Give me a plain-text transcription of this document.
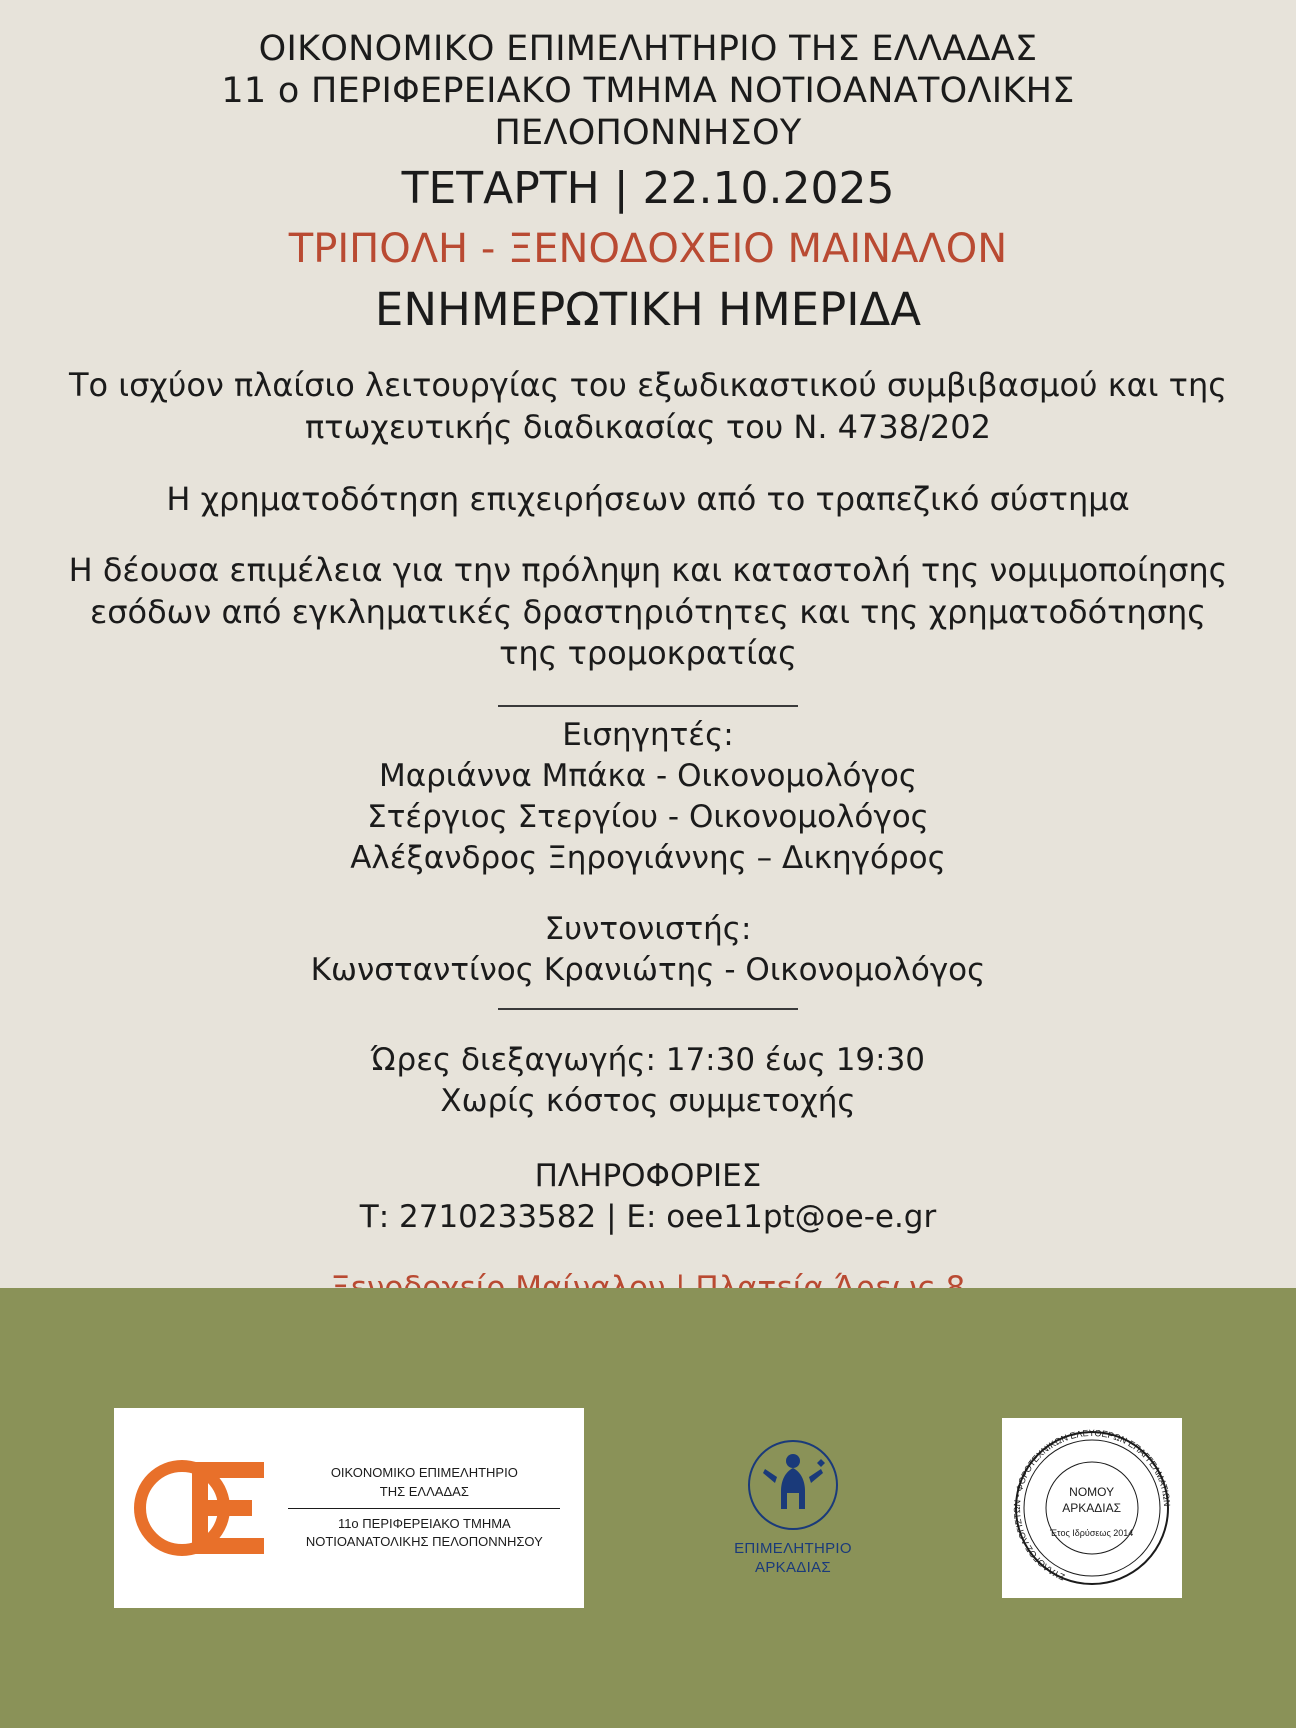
ΟΙΚΟΝΟΜΙΚΟ ΕΠΙΜΕΛΗΤΗΡΙΟ ΤΗΣ ΕΛΛΑΔΑΣ
11 ο ΠΕΡΙΦΕΡΕΙΑΚΟ ΤΜΗΜΑ ΝΟΤΙΟΑΝΑΤΟΛΙΚΗΣ ΠΕΛΟΠΟΝΝΗΣΟΥ
ΤΕΤΑΡΤΗ | 22.10.2025
ΤΡΙΠΟΛΗ - ΞΕΝΟΔΟΧΕΙΟ ΜΑΙΝΑΛΟΝ
ΕΝΗΜΕΡΩΤΙΚΗ ΗΜΕΡΙΔΑ
Το ισχύον πλαίσιο λειτουργίας του εξωδικαστικού συμβιβασμού και της πτωχευτικής διαδικασίας του Ν. 4738/202
Η χρηματοδότηση επιχειρήσεων από το τραπεζικό σύστημα
Η δέουσα επιμέλεια για την πρόληψη και καταστολή της νομιμοποίησης εσόδων από εγκληματικές δραστηριότητες και της χρηματοδότησης της τρομοκρατίας
Εισηγητές:
Μαριάννα Μπάκα - Οικονομολόγος
Στέργιος Στεργίου - Οικονομολόγος
Αλέξανδρος Ξηρογιάννης – Δικηγόρος
Συντονιστής:
Κωνσταντίνος Κρανιώτης - Οικονομολόγος
Ώρες διεξαγωγής: 17:30 έως 19:30
Χωρίς κόστος συμμετοχής
ΠΛΗΡΟΦΟΡΙΕΣ
Τ: 2710233582 | E: oee11pt@oe-e.gr
ΟΙΚΟΝΟΜΙΚΟ ΕΠΙΜΕΛΗΤΗΡΙΟ
ΤΗΣ ΕΛΛΑΔΑΣ
11ο ΠΕΡΙΦΕΡΕΙΑΚΟ ΤΜΗΜΑ
ΝΟΤΙΟΑΝΑΤΟΛΙΚΗΣ ΠΕΛΟΠΟΝΝΗΣΟΥ	ΕΠΙΜΕΛΗΤΗΡΙΟ
ΑΡΚΑΔΙΑΣ
ΣΥΛΛΟΓΟΣ ΛΟΓΙΣΤΩΝ - ΦΟΡΟΤΕΧΝΙΚΩΝ ΕΛΕΥΘΕΡΩΝ ΕΠΑΓΓΕΛΜΑΤΙΩΝ
ΝΟΜΟΥ
ΑΡΚΑΔΙΑΣ
Έτος Ιδρύσεως 2014
